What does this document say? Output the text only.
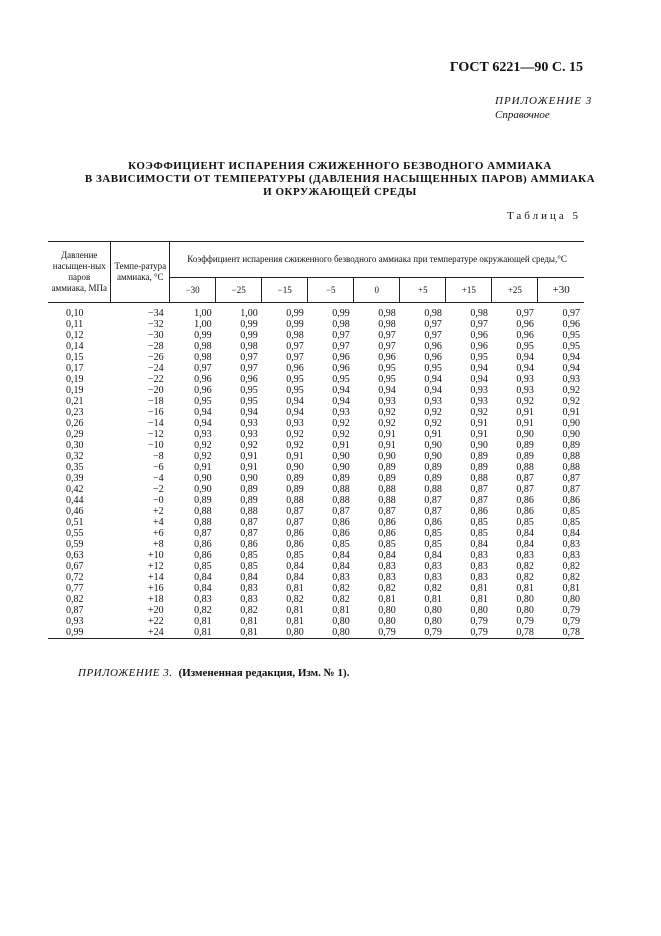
ГОСТ 6221—90 С. 15
ПРИЛОЖЕНИЕ 3
Справочное
КОЭФФИЦИЕНТ ИСПАРЕНИЯ СЖИЖЕННОГО БЕЗВОДНОГО АММИАКА
В ЗАВИСИМОСТИ ОТ ТЕМПЕРАТУРЫ (ДАВЛЕНИЯ НАСЫЩЕННЫХ ПАРОВ) АММИАКА
И ОКРУЖАЮЩЕЙ СРЕДЫ
Таблица 5
Давление насыщен-ных паров аммиака, МПа	Темпе-ратура аммиака, °С	Коэффициент испарения сжиженного безводного аммиака при температуре окружающей среды,°С								
		−30	−25	−15	−5	0	+5	+15	+25	+30
0,10	−34	1,00	1,00	0,99	0,99	0,98	0,98	0,98	0,97	0,97
0,11	−32	1,00	0,99	0,99	0,98	0,98	0,97	0,97	0,96	0,96
0,12	−30	0,99	0,99	0,98	0,97	0,97	0,97	0,96	0,96	0,95
0,14	−28	0,98	0,98	0,97	0,97	0,97	0,96	0,96	0,95	0,95
0,15	−26	0,98	0,97	0,97	0,96	0,96	0,96	0,95	0,94	0,94
0,17	−24	0,97	0,97	0,96	0,96	0,95	0,95	0,94	0,94	0,94
0,19	−22	0,96	0,96	0,95	0,95	0,95	0,94	0,94	0,93	0,93
0,19	−20	0,96	0,95	0,95	0,94	0,94	0,94	0,93	0,93	0,92
0,21	−18	0,95	0,95	0,94	0,94	0,93	0,93	0,93	0,92	0,92
0,23	−16	0,94	0,94	0,94	0,93	0,92	0,92	0,92	0,91	0,91
0,26	−14	0,94	0,93	0,93	0,92	0,92	0,92	0,91	0,91	0,90
0,29	−12	0,93	0,93	0,92	0,92	0,91	0,91	0,91	0,90	0,90
0,30	−10	0,92	0,92	0,92	0,91	0,91	0,90	0,90	0,89	0,89
0,32	−8	0,92	0,91	0,91	0,90	0,90	0,90	0,89	0,89	0,88
0,35	−6	0,91	0,91	0,90	0,90	0,89	0,89	0,89	0,88	0,88
0,39	−4	0,90	0,90	0,89	0,89	0,89	0,89	0,88	0,87	0,87
0,42	−2	0,90	0,89	0,89	0,88	0,88	0,88	0,87	0,87	0,87
0,44	−0	0,89	0,89	0,88	0,88	0,88	0,87	0,87	0,86	0,86
0,46	+2	0,88	0,88	0,87	0,87	0,87	0,87	0,86	0,86	0,85
0,51	+4	0,88	0,87	0,87	0,86	0,86	0,86	0,85	0,85	0,85
0,55	+6	0,87	0,87	0,86	0,86	0,86	0,85	0,85	0,84	0,84
0,59	+8	0,86	0,86	0,86	0,85	0,85	0,85	0,84	0,84	0,83
0,63	+10	0,86	0,85	0,85	0,84	0,84	0,84	0,83	0,83	0,83
0,67	+12	0,85	0,85	0,84	0,84	0,83	0,83	0,83	0,82	0,82
0,72	+14	0,84	0,84	0,84	0,83	0,83	0,83	0,83	0,82	0,82
0,77	+16	0,84	0,83	0,81	0,82	0,82	0,82	0,81	0,81	0,81
0,82	+18	0,83	0,83	0,82	0,82	0,81	0,81	0,81	0,80	0,80
0,87	+20	0,82	0,82	0,81	0,81	0,80	0,80	0,80	0,80	0,79
0,93	+22	0,81	0,81	0,81	0,80	0,80	0,80	0,79	0,79	0,79
0,99	+24	0,81	0,81	0,80	0,80	0,79	0,79	0,79	0,78	0,78

ПРИЛОЖЕНИЕ 3. (Измененная редакция, Изм. № 1).
